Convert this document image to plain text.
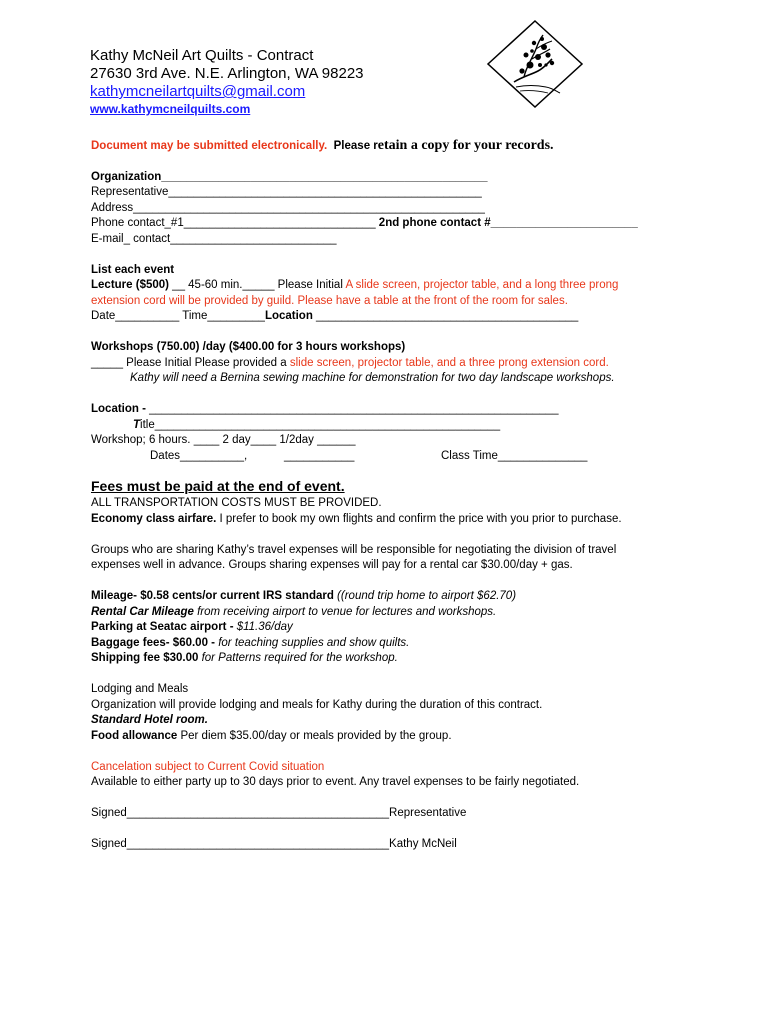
Kathy McNeil Art Quilts - Contract
27630 3rd Ave. N.E. Arlington, WA 98223
kathymcneilartquilts@gmail.com
www.kathymcneilquilts.com
Document may be submitted electronically. Please retain a copy for your records.
Organization___________________________________________________
Representative_________________________________________________
Address_______________________________________________________
Phone contact_#1______________________________ 2nd phone contact #_______________________
E-mail_ contact__________________________
List each event
Lecture ($500) __ 45-60 min._____ Please Initial A slide screen, projector table, and a long three prong
extension cord will be provided by guild. Please have a table at the front of the room for sales.
Date__________ Time_________Location _________________________________________
Workshops (750.00) /day ($400.00 for 3 hours workshops)
_____ Please Initial Please provided a slide screen, projector table, and a three prong extension cord.
Kathy will need a Bernina sewing machine for demonstration for two day landscape workshops.
Location - ________________________________________________________________
Title______________________________________________________
Workshop; 6 hours. ____ 2 day____ 1/2day ______
Dates__________,	___________	Class Time______________
Fees must be paid at the end of event.
ALL TRANSPORTATION COSTS MUST BE PROVIDED.
Economy class airfare. I prefer to book my own flights and confirm the price with you prior to purchase.
Groups who are sharing Kathy’s travel expenses will be responsible for negotiating the division of travel
expenses well in advance. Groups sharing expenses will pay for a rental car $30.00/day + gas.
Mileage- $0.58 cents/or current IRS standard ((round trip home to airport $62.70)
Rental Car Mileage from receiving airport to venue for lectures and workshops.
Parking at Seatac airport - $11.36/day
Baggage fees- $60.00 - for teaching supplies and show quilts.
Shipping fee $30.00 for Patterns required for the workshop.
Lodging and Meals
Organization will provide lodging and meals for Kathy during the duration of this contract.
Standard Hotel room.
Food allowance Per diem $35.00/day or meals provided by the group.
Cancelation subject to Current Covid situation
Available to either party up to 30 days prior to event. Any travel expenses to be fairly negotiated.
Signed_________________________________________Representative
Signed_________________________________________Kathy McNeil
